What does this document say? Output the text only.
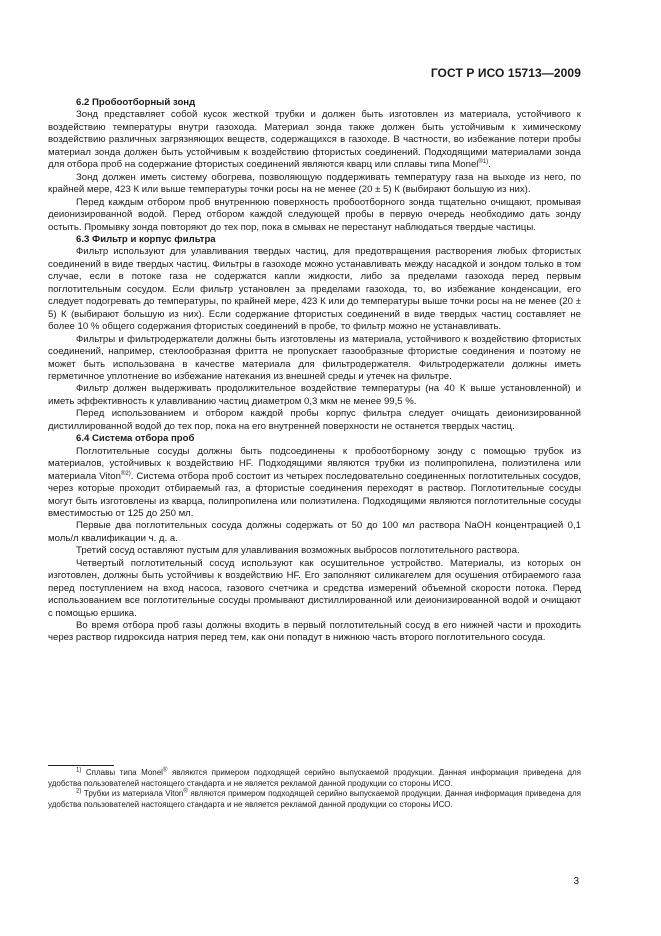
ГОСТ Р ИСО 15713—2009
6.2 Пробоотборный зонд

Зонд представляет собой кусок жесткой трубки и должен быть изготовлен из материала, устойчивого к воздействию температуры внутри газохода. Материал зонда также должен быть устойчивым к химическому воздействию различных загрязняющих веществ, содержащихся в газоходе. В частности, во избежание потери пробы материал зонда должен быть устойчивым к воздействию фтористых соединений. Подходящими материалами зонда для отбора проб на содержание фтористых соединений являются кварц или сплавы типа Monel$^{®1)}$.

Зонд должен иметь систему обогрева, позволяющую поддерживать температуру газа на выходе из него, по крайней мере, 423 К или выше температуры точки росы на не менее (20 ± 5) К (выбирают большую из них).

Перед каждым отбором проб внутреннюю поверхность пробоотборного зонда тщательно очищают, промывая деионизированной водой. Перед отбором каждой следующей пробы в первую очередь необходимо дать зонду остыть. Промывку зонда повторяют до тех пор, пока в смывах не перестанут наблюдаться твердые частицы.

6.3 Фильтр и корпус фильтра

Фильтр используют для улавливания твердых частиц, для предотвращения растворения любых фтористых соединений в виде твердых частиц. Фильтры в газоходе можно устанавливать между насадкой и зондом только в том случае, если в потоке газа не содержатся капли жидкости, либо за пределами газохода перед первым поглотительным сосудом. Если фильтр установлен за пределами газохода, то, во избежание конденсации, его следует подогревать до температуры, по крайней мере, 423 К или до температуры выше точки росы на не менее (20 ± 5) К (выбирают большую из них). Если содержание фтористых соединений в виде твердых частиц составляет не более 10 % общего содержания фтористых соединений в пробе, то фильтр можно не устанавливать.

Фильтры и фильтродержатели должны быть изготовлены из материала, устойчивого к воздействию фтористых соединений, например, стеклообразная фритта не пропускает газообразные фтористые соединения и поэтому не может быть использована в качестве материала для фильтродержателя. Фильтродержатели должны иметь герметичное уплотнение во избежание натекания из внешней среды и утечек на фильтре.

Фильтр должен выдерживать продолжительное воздействие температуры (на 40 К выше установленной) и иметь эффективность к улавливанию частиц диаметром 0,3 мкм не менее 99,5 %.

Перед использованием и отбором каждой пробы корпус фильтра следует очищать деионизированной дистиллированной водой до тех пор, пока на его внутренней поверхности не останется твердых частиц.

6.4 Система отбора проб

Поглотительные сосуды должны быть подсоединены к пробоотборному зонду с помощью трубок из материалов, устойчивых к воздействию HF. Подходящими являются трубки из полипропилена, полиэтилена или материала Viton$^{®2)}$. Система отбора проб состоит из четырех последовательно соединенных поглотительных сосудов, через которые проходит отбираемый газ, а фтористые соединения переходят в раствор. Поглотительные сосуды могут быть изготовлены из кварца, полипропилена или полиэтилена. Подходящими являются поглотительные сосуды вместимостью от 125 до 250 мл.

Первые два поглотительных сосуда должны содержать от 50 до 100 мл раствора NaOH концентрацией 0,1 моль/л квалификации ч. д. а.

Третий сосуд оставляют пустым для улавливания возможных выбросов поглотительного раствора.

Четвертый поглотительный сосуд используют как осушительное устройство. Материалы, из которых он изготовлен, должны быть устойчивы к воздействию HF. Его заполняют силикагелем для осушения отбираемого газа перед поступлением на вход насоса, газового счетчика и средства измерений объемной скорости потока. Перед использованием все поглотительные сосуды промывают дистиллированной или деионизированной водой и очищают с помощью ершика.

Во время отбора проб газы должны входить в первый поглотительный сосуд в его нижней части и проходить через раствор гидроксида натрия перед тем, как они попадут в нижнюю часть второго поглотительного сосуда.

$^{1)}$ Сплавы типа Monel® являются примером подходящей серийно выпускаемой продукции. Данная информация приведена для удобства пользователей настоящего стандарта и не является рекламой данной продукции со стороны ИСО.

$^{2)}$ Трубки из материала Viton® являются примером подходящей серийно выпускаемой продукции. Данная информация приведена для удобства пользователей настоящего стандарта и не является рекламой данной продукции со стороны ИСО.

3
